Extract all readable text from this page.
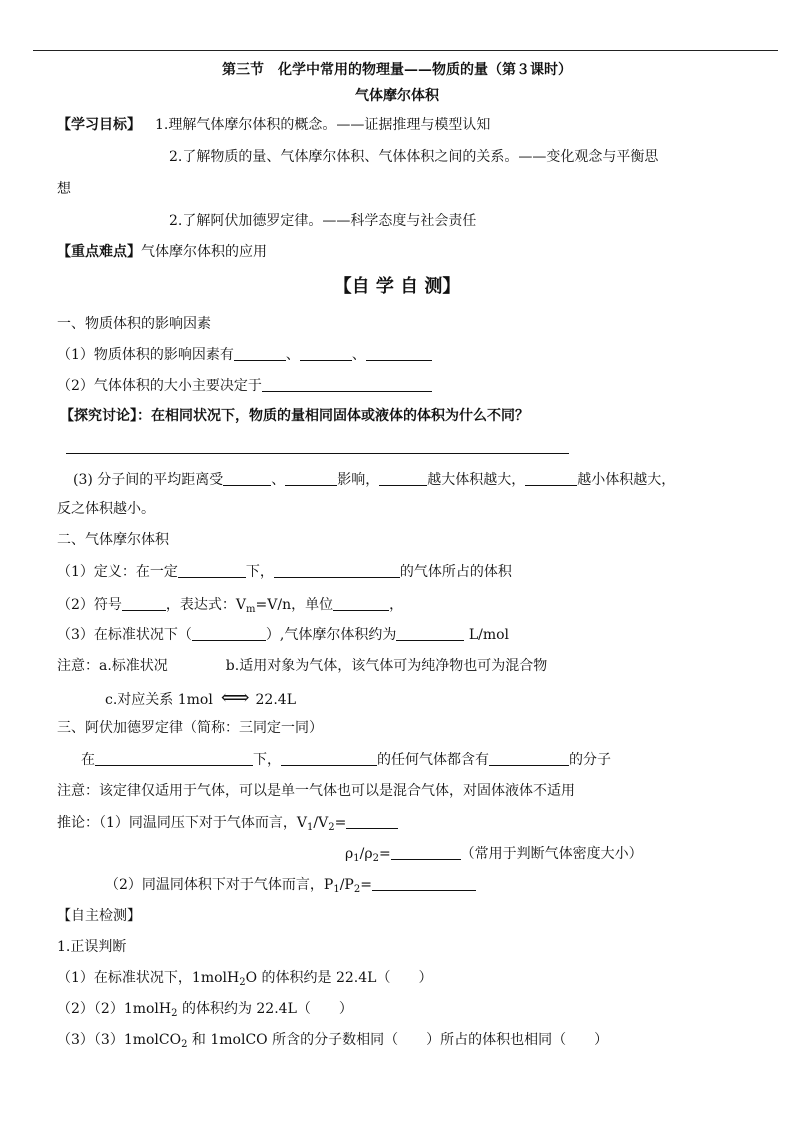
第三节　化学中常用的物理量——物质的量（第３课时）
气体摩尔体积
【学习目标】 1.理解气体摩尔体积的概念。——证据推理与模型认知
2.了解物质的量、气体摩尔体积、气体体积之间的关系。——变化观念与平衡思
想
2.了解阿伏加德罗定律。——科学态度与社会责任
【重点难点】气体摩尔体积的应用
【自 学 自 测】
一、物质体积的影响因素
（1）物质体积的影响因素有	、	、
（2）气体体积的大小主要决定于
【探究讨论】：在相同状况下，物质的量相同固体或液体的体积为什么不同？
(3) 分子间的平均距离受	、	影响，	越大体积越大，	越小体积越大，
反之体积越小。
二、气体摩尔体积
（1）定义：在一定	下，	的气体所占的体积
（2）符号	，表达式：$V_m=V/n$，单位	，
（3）在标准状况下（	）,气体摩尔体积约为	L/mol
注意：a.标准状况	b.适用对象为气体，该气体可为纯净物也可为混合物
c.对应关系 1mol ⟺ 22.4L
三、阿伏加德罗定律（简称：三同定一同）
在	下，	的任何气体都含有	的分子
注意：该定律仅适用于气体，可以是单一气体也可以是混合气体，对固体液体不适用
推论：（1）同温同压下对于气体而言，$V_1/V_2=$
$\rho_1/\rho_2=$	（常用于判断气体密度大小）
（2）同温同体积下对于气体而言，$P_1/P_2=$
【自主检测】
1.正误判断
（1）在标准状况下，1molH$_2$O 的体积约是 22.4L（　　）
（2）（2）1molH$_2$ 的体积约为 22.4L（　　）
（3）（3）1molCO$_2$ 和 1molCO 所含的分子数相同（　　）所占的体积也相同（　　）
